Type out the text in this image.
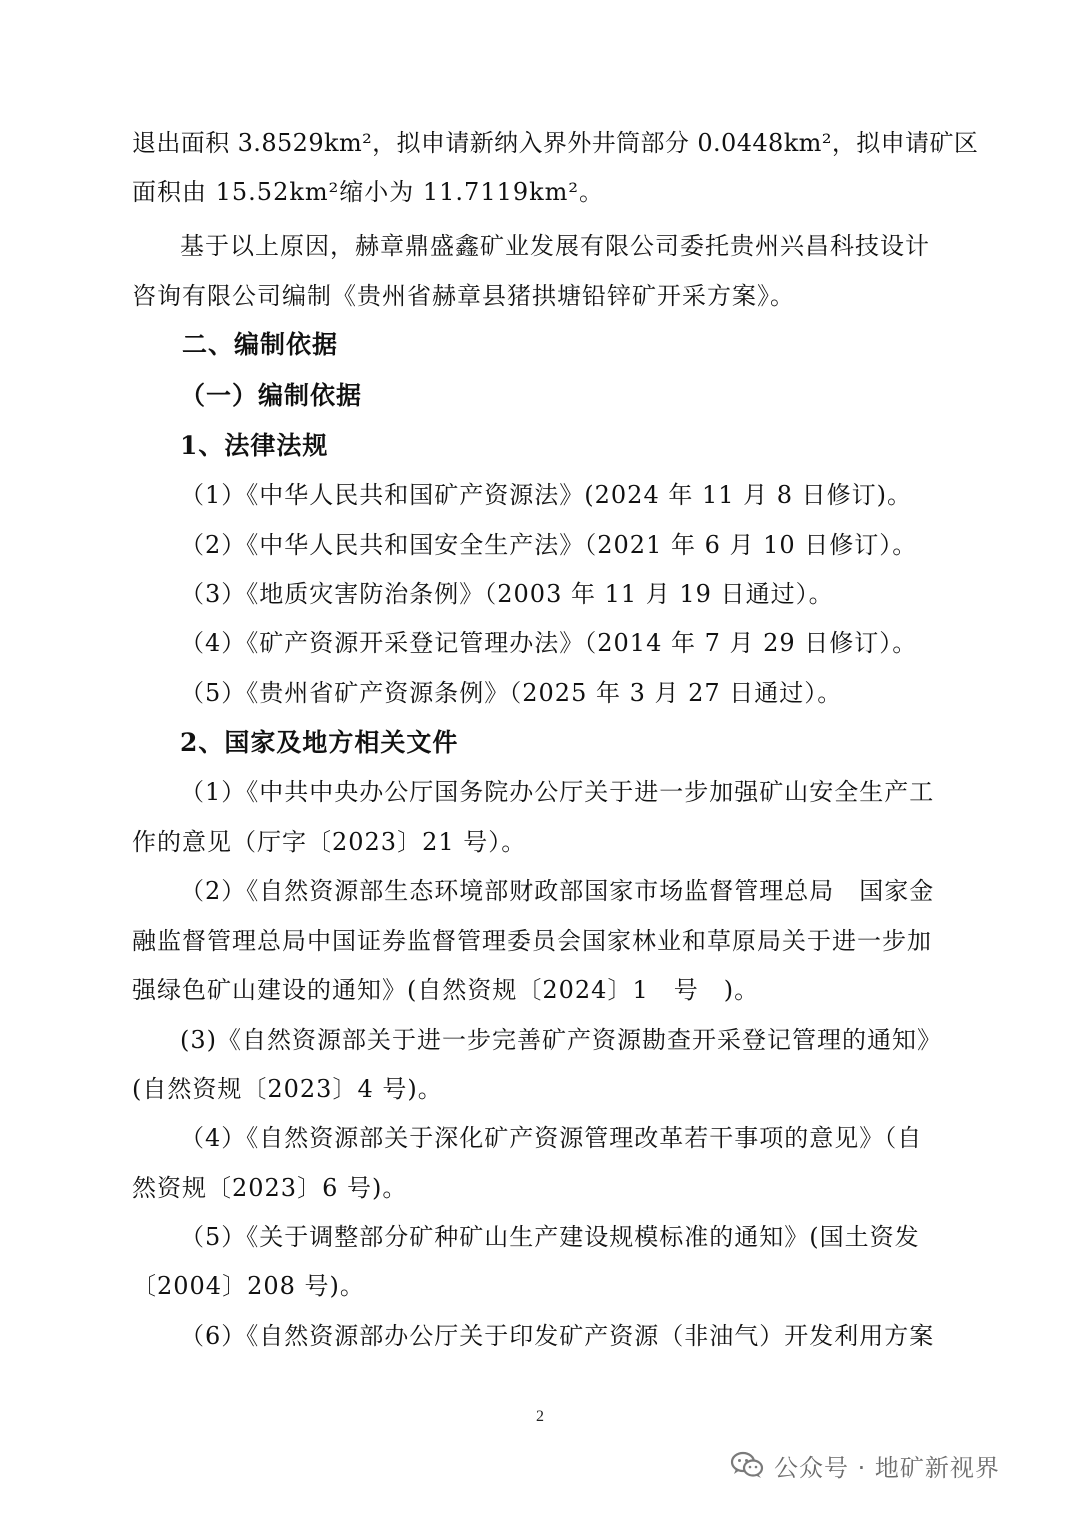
退出面积 3.8529km²，拟申请新纳入界外井筒部分 0.0448km²，拟申请矿区
面积由 15.52km²缩小为 11.7119km²。
基于以上原因，赫章鼎盛鑫矿业发展有限公司委托贵州兴昌科技设计
咨询有限公司编制《贵州省赫章县猪拱塘铅锌矿开采方案》。
二、编制依据
（一）编制依据
1、法律法规
（1）《中华人民共和国矿产资源法》(2024 年 11 月 8 日修订)。
（2）《中华人民共和国安全生产法》（2021 年 6 月 10 日修订）。
（3）《地质灾害防治条例》（2003 年 11 月 19 日通过）。
（4）《矿产资源开采登记管理办法》（2014 年 7 月 29 日修订）。
（5）《贵州省矿产资源条例》（2025 年 3 月 27 日通过）。
2、国家及地方相关文件
（1）《中共中央办公厅国务院办公厅关于进一步加强矿山安全生产工
作的意见（厅字〔2023〕21 号）。
（2）《自然资源部生态环境部财政部国家市场监督管理总局　国家金
融监督管理总局中国证券监督管理委员会国家林业和草原局关于进一步加
强绿色矿山建设的通知》(自然资规〔2024〕1　号　)。
(3)《自然资源部关于进一步完善矿产资源勘查开采登记管理的通知》
(自然资规〔2023〕4 号)。
（4）《自然资源部关于深化矿产资源管理改革若干事项的意见》（自
然资规〔2023〕6 号)。
（5）《关于调整部分矿种矿山生产建设规模标准的通知》(国土资发
〔2004〕208 号)。
（6）《自然资源部办公厅关于印发矿产资源（非油气）开发利用方案
2
公众号 · 地矿新视界
